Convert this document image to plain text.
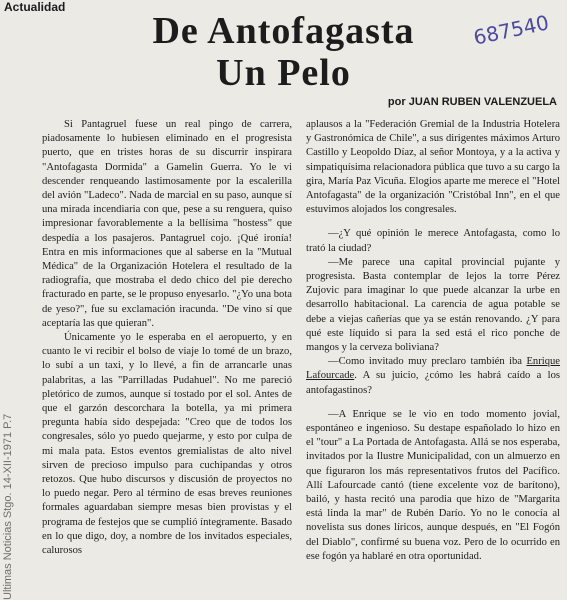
Actualidad
De Antofagasta
Un Pelo
por JUAN RUBEN VALENZUELA
687540
Ultimas Noticias Stgo. 14-XII-1971 P.7

Si Pantagruel fuese un real pingo de carrera, piadosamente lo hubiesen eliminado en el progresista puerto, que en tristes horas de su discurrir inspirara "Antofagasta Dormida" a Gamelin Guerra. Yo le vi descender renqueando lastimosamente por la escalerilla del avión "Ladeco". Nada de marcial en su paso, aunque sí una mirada incendiaria con que, pese a su renguera, quiso impresionar favorablemente a la bellísima "hostess" que despedía a los pasajeros. Pantagruel cojo. ¡Qué ironía! Entra en mis informaciones que al saberse en la "Mutual Médica" de la Organización Hotelera el resultado de la radiografía, que mostraba el dedo chico del pie derecho fracturado en parte, se le propuso enyesarlo. "¿Yo una bota de yeso?", fue su exclamación iracunda. "De vino sí que aceptaría las que quieran".

Únicamente yo le esperaba en el aeropuerto, y en cuanto le vi recibir el bolso de viaje lo tomé de un brazo, lo subí a un taxi, y lo llevé, a fin de arrancarle unas palabritas, a las "Parrilladas Pudahuel". No me pareció pletórico de zumos, aunque sí tostado por el sol. Antes de que el garzón descorchara la botella, ya mi primera pregunta había sido despejada: "Creo que de todos los congresales, sólo yo puedo quejarme, y esto por culpa de mi mala pata. Estos eventos gremialistas de alto nivel sirven de precioso impulso para cuchipandas y otros retozos. Que hubo discursos y discusión de proyectos no lo puedo negar. Pero al término de esas breves reuniones formales aguardaban siempre mesas bien provistas y el programa de festejos que se cumplió íntegramente. Basado en lo que digo, doy, a nombre de los invitados especiales, calurosos

aplausos a la "Federación Gremial de la Industria Hotelera y Gastronómica de Chile", a sus dirigentes máximos Arturo Castillo y Leopoldo Díaz, al señor Montoya, y a la activa y simpatiquísima relacionadora pública que tuvo a su cargo la gira, María Paz Vicuña. Elogios aparte me merece el "Hotel Antofagasta" de la organización "Cristóbal Inn", en el que estuvimos alojados los congresales.

—¿Y qué opinión le merece Antofagasta, como lo trató la ciudad?

—Me parece una capital provincial pujante y progresista. Basta contemplar de lejos la torre Pérez Zujovic para imaginar lo que puede alcanzar la urbe en desarrollo habitacional. La carencia de agua potable se debe a viejas cañerías que ya se están renovando. ¿Y para qué este líquido si para la sed está el rico ponche de mangos y la cerveza boliviana?

—Como invitado muy preclaro también iba Enrique Lafourcade. A su juicio, ¿cómo les habrá caído a los antofagastinos?

—A Enrique se le vio en todo momento jovial, espontáneo e ingenioso. Su destape españolado lo hizo en el "tour" a La Portada de Antofagasta. Allá se nos esperaba, invitados por la Ilustre Municipalidad, con un almuerzo en que figuraron los más representativos frutos del Pacífico. Allí Lafourcade cantó (tiene excelente voz de barítono), bailó, y hasta recitó una parodia que hizo de "Margarita está linda la mar" de Rubén Darío. Yo no le conocía al novelista sus dones líricos, aunque después, en "El Fogón del Diablo", confirmé su buena voz. Pero de lo ocurrido en ese fogón ya hablaré en otra oportunidad.
